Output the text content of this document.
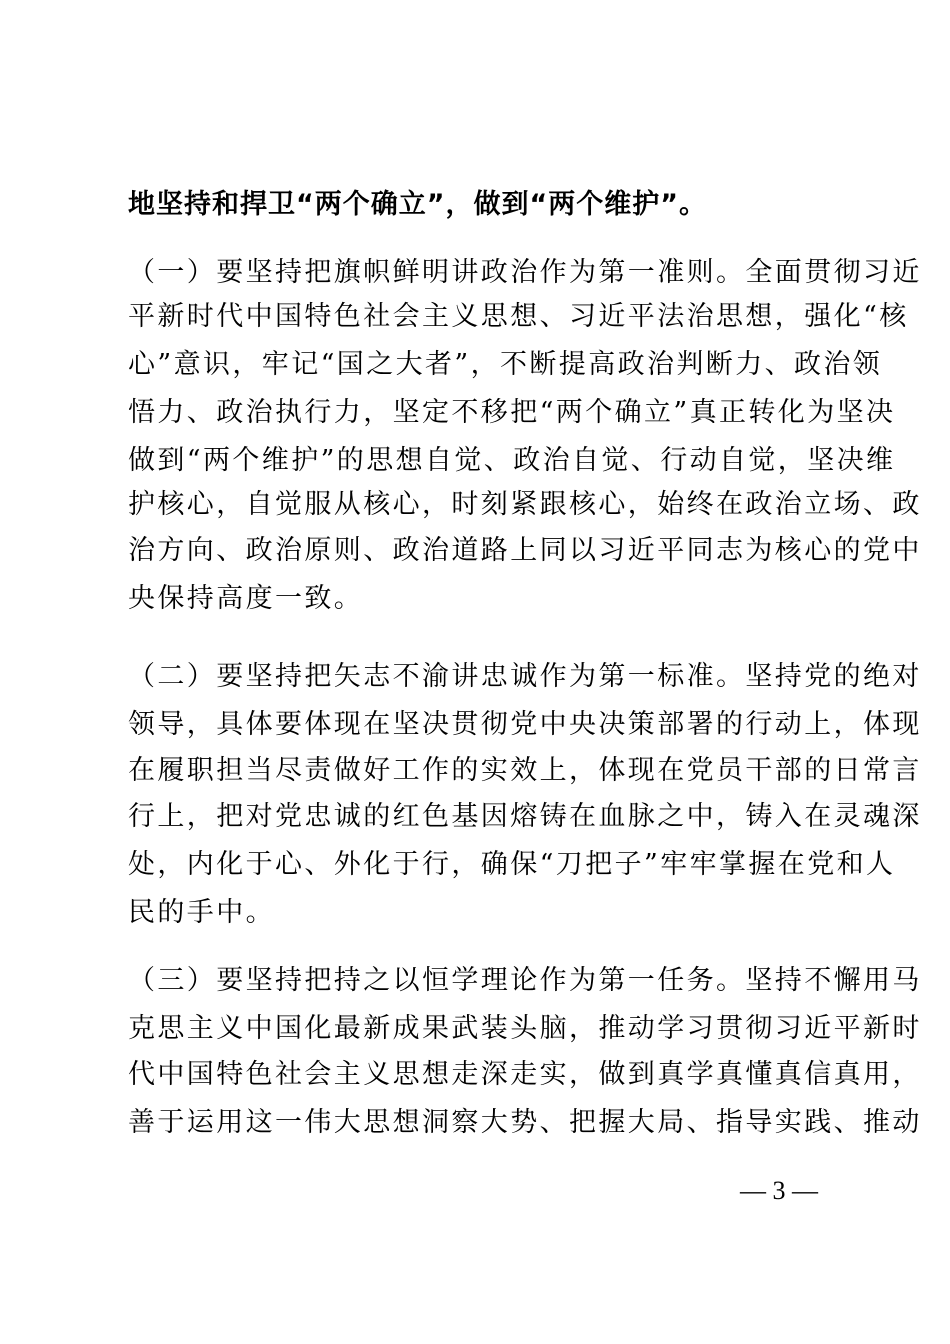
地坚持和捍卫“两个确立”，做到“两个维护”。
（一）要坚持把旗帜鲜明讲政治作为第一准则。全面贯彻习近
平新时代中国特色社会主义思想、习近平法治思想，强化“核
心”意识，牢记“国之大者”，不断提高政治判断力、政治领
悟力、政治执行力，坚定不移把“两个确立”真正转化为坚决
做到“两个维护”的思想自觉、政治自觉、行动自觉，坚决维
护核心，自觉服从核心，时刻紧跟核心，始终在政治立场、政
治方向、政治原则、政治道路上同以习近平同志为核心的党中
央保持高度一致。
（二）要坚持把矢志不渝讲忠诚作为第一标准。坚持党的绝对
领导，具体要体现在坚决贯彻党中央决策部署的行动上，体现
在履职担当尽责做好工作的实效上，体现在党员干部的日常言
行上，把对党忠诚的红色基因熔铸在血脉之中，铸入在灵魂深
处，内化于心、外化于行，确保“刀把子”牢牢掌握在党和人
民的手中。
（三）要坚持把持之以恒学理论作为第一任务。坚持不懈用马
克思主义中国化最新成果武装头脑，推动学习贯彻习近平新时
代中国特色社会主义思想走深走实，做到真学真懂真信真用，
善于运用这一伟大思想洞察大势、把握大局、指导实践、推动
— 3 —
